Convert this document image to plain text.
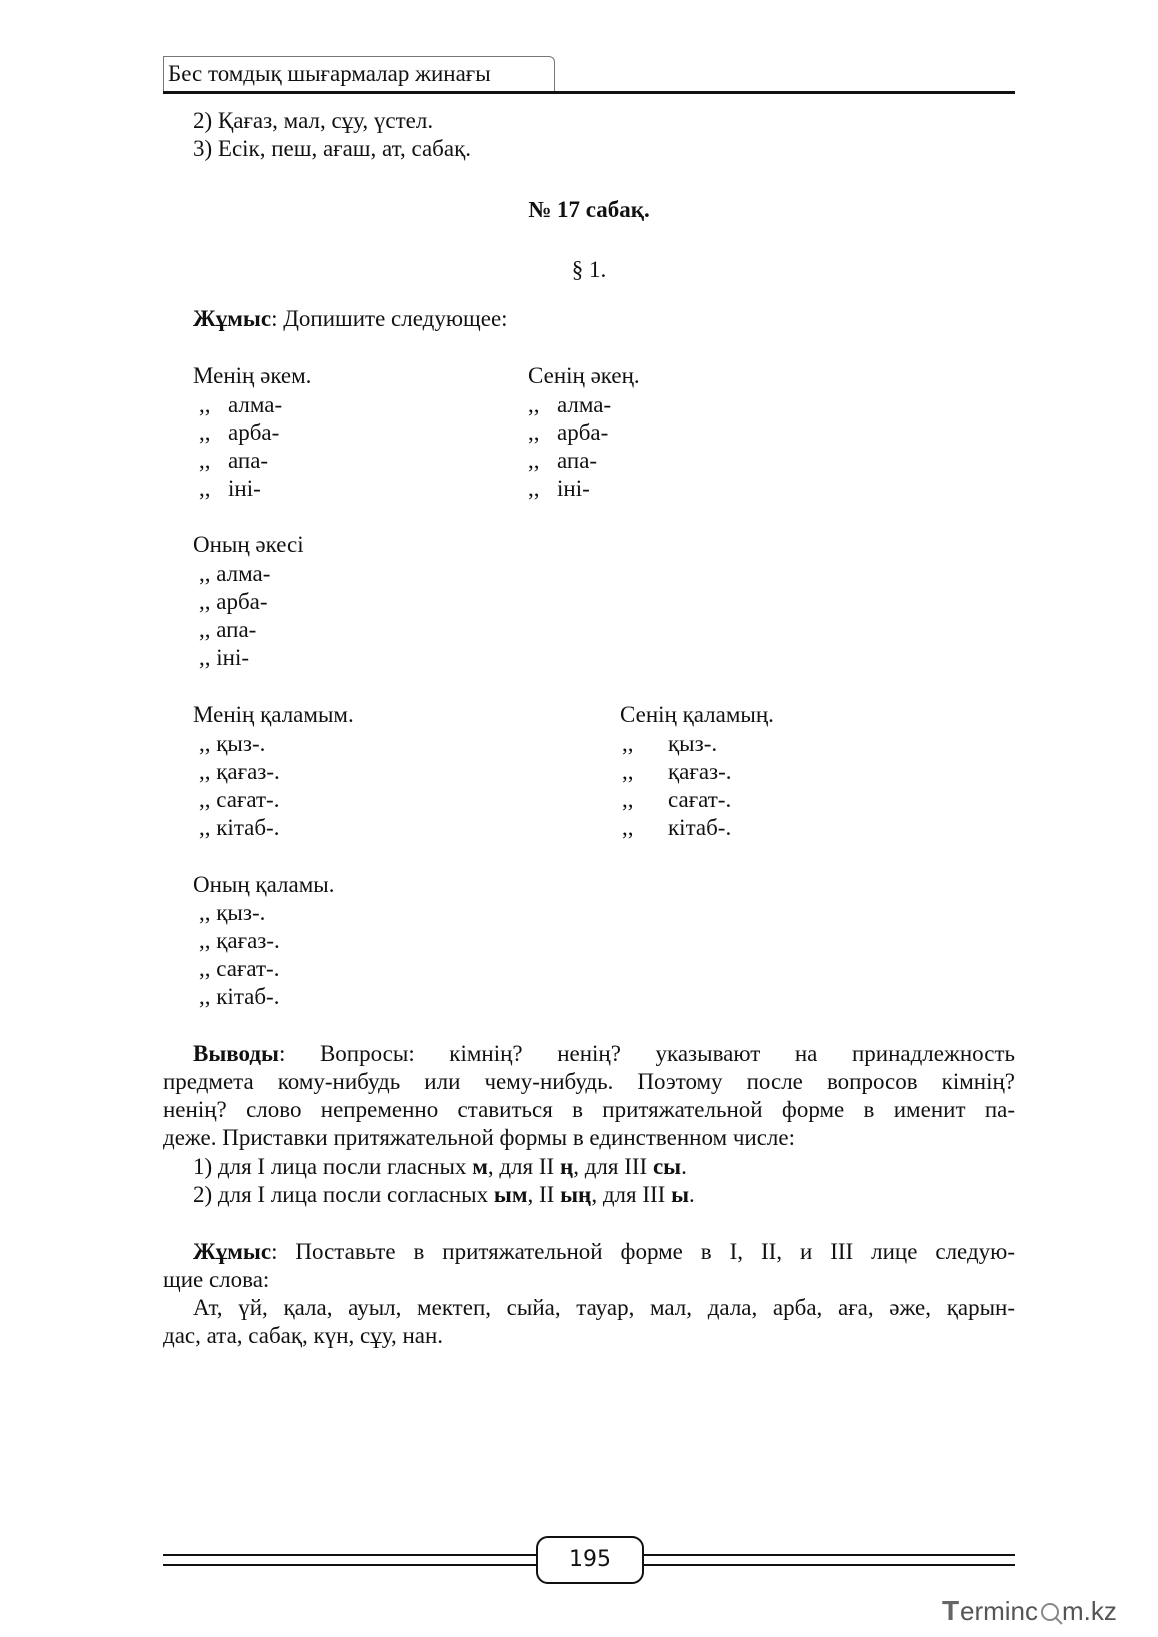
Бес томдық шығармалар жинағы
2) Қағаз, мал, сұу, үстел.
3) Есік, пеш, ағаш, ат, сабақ.
№ 17 сабақ.
§ 1.
Жұмыс: Допишите следующее:
Менің әкем.	Сенің әкең.
,, алма-	,, алма-
,, арба-	,, арба-
,, апа-	,, апа-
,, іні-	,, іні-
Оның әкесі
,, алма-
,, арба-
,, апа-
,, іні-
Менің қаламым.	Сенің қаламың.
,, қыз-.	,, қыз-.
,, қағаз-.	,, қағаз-.
,, сағат-.	,, сағат-.
,, кітаб-.	,, кітаб-.
Оның қаламы.
,, қыз-.
,, қағаз-.
,, сағат-.
,, кітаб-.
Выводы: Вопросы: кімнің? ненің? указывают на принадлежность
предмета кому-нибудь или чему-нибудь. Поэтому после вопросов кімнің?
ненің? слово непременно ставиться в притяжательной форме в именит па-
деже. Приставки притяжательной формы в единственном числе:
1) для I лица посли гласных м, для II ң, для III сы.
2) для I лица посли согласных ым, II ың, для III ы.
Жұмыс: Поставьте в притяжательной форме в I, II, и III лице следую-
щие слова:
Ат, үй, қала, ауыл, мектеп, сыйа, тауар, мал, дала, арба, аға, әже, қарын-
дас, ата, сабақ, күн, сұу, нан.
195
T erminc m.kz
